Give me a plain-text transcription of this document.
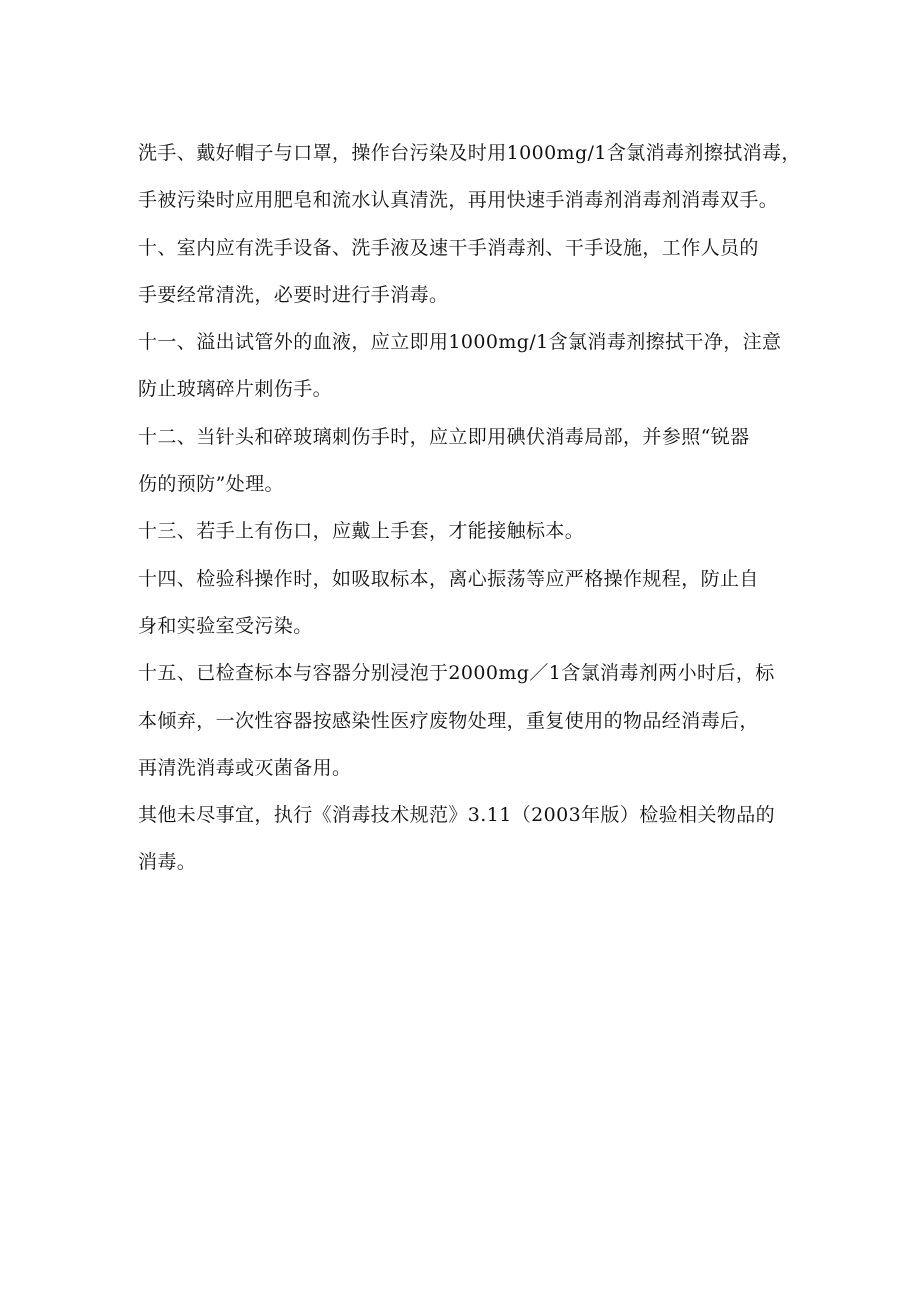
洗手、戴好帽子与口罩，操作台污染及时用1000mg/1含氯消毒剂擦拭消毒，
手被污染时应用肥皂和流水认真清洗，再用快速手消毒剂消毒剂消毒双手。
十、室内应有洗手设备、洗手液及速干手消毒剂、干手设施，工作人员的
手要经常清洗，必要时进行手消毒。
十一、溢出试管外的血液，应立即用1000mg/1含氯消毒剂擦拭干净，注意
防止玻璃碎片刺伤手。
十二、当针头和碎玻璃刺伤手时，应立即用碘伏消毒局部，并参照“锐器
伤的预防”处理。
十三、若手上有伤口，应戴上手套，才能接触标本。
十四、检验科操作时，如吸取标本，离心振荡等应严格操作规程，防止自
身和实验室受污染。
十五、已检查标本与容器分别浸泡于2000mg／1含氯消毒剂两小时后，标
本倾弃，一次性容器按感染性医疗废物处理，重复使用的物品经消毒后，
再清洗消毒或灭菌备用。
其他未尽事宜，执行《消毒技术规范》3.11（2003年版）检验相关物品的
消毒。
